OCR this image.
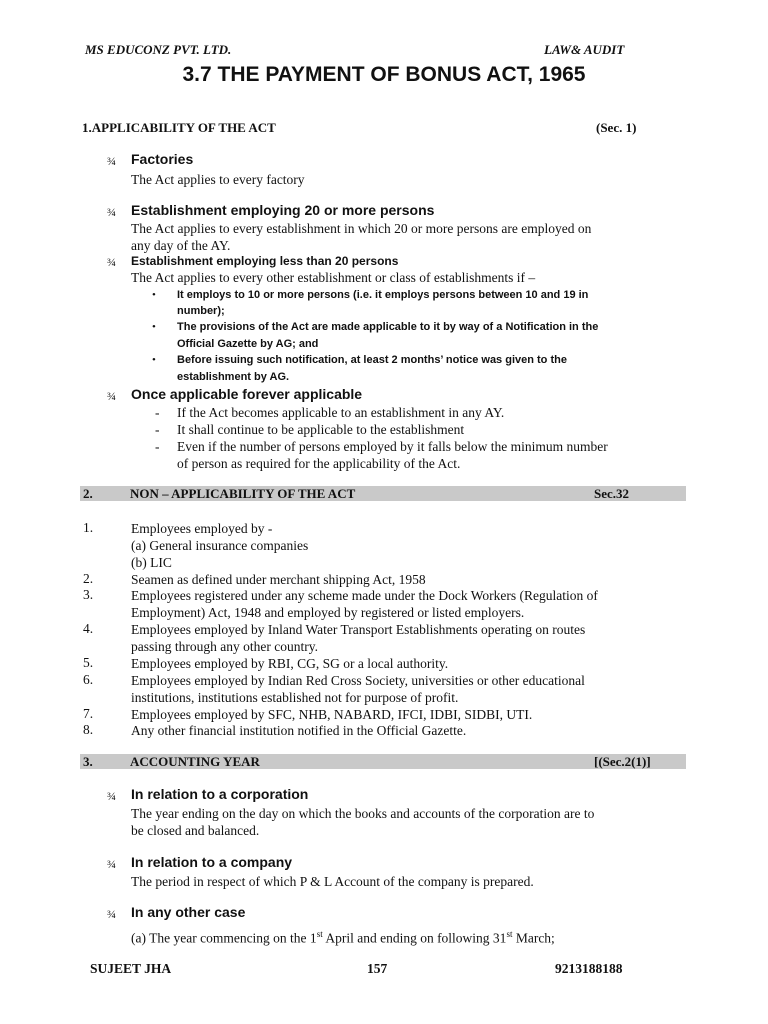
MS EDUCONZ PVT. LTD.	LAW& AUDIT
3.7 THE PAYMENT OF BONUS ACT, 1965
1.APPLICABILITY OF THE ACT	(Sec. 1)
¾ Factories
The Act applies to every factory
¾ Establishment employing 20 or more persons
The Act applies to every establishment in which 20 or more persons are employed on
any day of the AY.
¾ Establishment employing less than 20 persons
The Act applies to every other establishment or class of establishments if –
• It employs to 10 or more persons (i.e. it employs persons between 10 and 19 in
number);
• The provisions of the Act are made applicable to it by way of a Notification in the
Official Gazette by AG; and
• Before issuing such notification, at least 2 months’ notice was given to the
establishment by AG.
¾ Once applicable forever applicable
- If the Act becomes applicable to an establishment in any AY.
- It shall continue to be applicable to the establishment
- Even if the number of persons employed by it falls below the minimum number
of person as required for the applicability of the Act.
2.	NON – APPLICABILITY OF THE ACT	Sec.32
1.	Employees employed by -
(a) General insurance companies
(b) LIC
2.	Seamen as defined under merchant shipping Act, 1958
3.	Employees registered under any scheme made under the Dock Workers (Regulation of
Employment) Act, 1948 and employed by registered or listed employers.
4.	Employees employed by Inland Water Transport Establishments operating on routes
passing through any other country.
5.	Employees employed by RBI, CG, SG or a local authority.
6.	Employees employed by Indian Red Cross Society, universities or other educational
institutions, institutions established not for purpose of profit.
7.	Employees employed by SFC, NHB, NABARD, IFCI, IDBI, SIDBI, UTI.
8.	Any other financial institution notified in the Official Gazette.
3.	ACCOUNTING YEAR	[(Sec.2(1)]
¾ In relation to a corporation
The year ending on the day on which the books and accounts of the corporation are to
be closed and balanced.
¾ In relation to a company
The period in respect of which P & L Account of the company is prepared.
¾ In any other case
(a) The year commencing on the 1st April and ending on following 31st March;
SUJEET JHA	157	9213188188
